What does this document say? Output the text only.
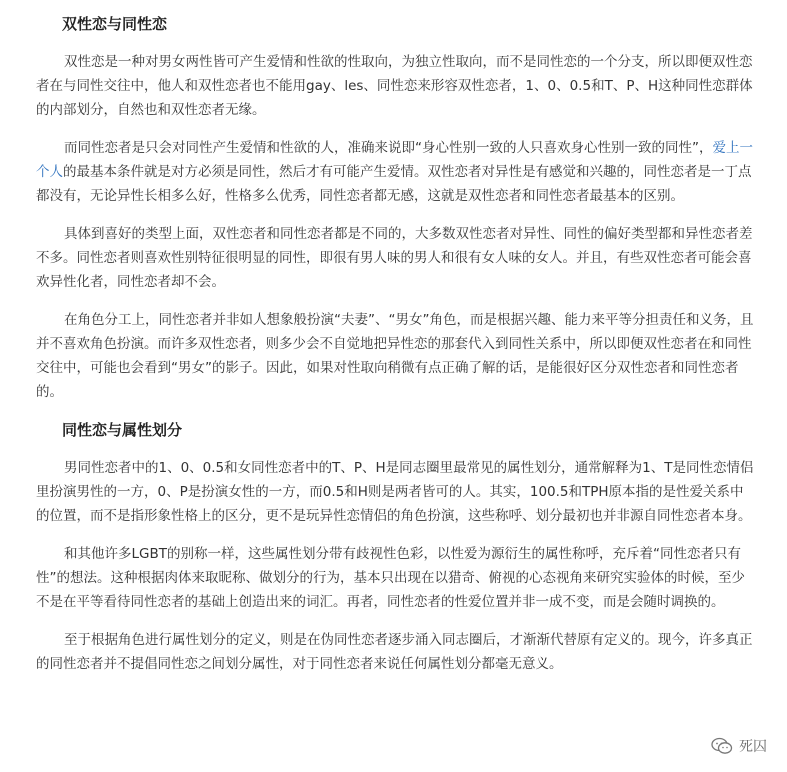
双性恋与同性恋

双性恋是一种对男女两性皆可产生爱情和性欲的性取向，为独立性取向，而不是同性恋的一个分支，所以即便双性恋者在与同性交往中，他人和双性恋者也不能用gay、les、同性恋来形容双性恋者，1、0、0.5和T、P、H这种同性恋群体的内部划分，自然也和双性恋者无缘。

而同性恋者是只会对同性产生爱情和性欲的人，准确来说即“身心性别一致的人只喜欢身心性别一致的同性”，爱上一个人的最基本条件就是对方必须是同性，然后才有可能产生爱情。双性恋者对异性是有感觉和兴趣的，同性恋者是一丁点都没有，无论异性长相多么好，性格多么优秀，同性恋者都无感，这就是双性恋者和同性恋者最基本的区别。

具体到喜好的类型上面，双性恋者和同性恋者都是不同的，大多数双性恋者对异性、同性的偏好类型都和异性恋者差不多。同性恋者则喜欢性别特征很明显的同性，即很有男人味的男人和很有女人味的女人。并且，有些双性恋者可能会喜欢异性化者，同性恋者却不会。

在角色分工上，同性恋者并非如人想象般扮演“夫妻”、“男女”角色，而是根据兴趣、能力来平等分担责任和义务，且并不喜欢角色扮演。而许多双性恋者，则多少会不自觉地把异性恋的那套代入到同性关系中，所以即便双性恋者在和同性交往中，可能也会看到“男女”的影子。因此，如果对性取向稍微有点正确了解的话，是能很好区分双性恋者和同性恋者的。

同性恋与属性划分

男同性恋者中的1、0、0.5和女同性恋者中的T、P、H是同志圈里最常见的属性划分，通常解释为1、T是同性恋情侣里扮演男性的一方，0、P是扮演女性的一方，而0.5和H则是两者皆可的人。其实，100.5和TPH原本指的是性爱关系中的位置，而不是指形象性格上的区分，更不是玩异性恋情侣的角色扮演，这些称呼、划分最初也并非源自同性恋者本身。

和其他许多LGBT的别称一样，这些属性划分带有歧视性色彩，以性爱为源衍生的属性称呼，充斥着“同性恋者只有性”的想法。这种根据肉体来取昵称、做划分的行为，基本只出现在以猎奇、俯视的心态视角来研究实验体的时候，至少不是在平等看待同性恋者的基础上创造出来的词汇。再者，同性恋者的性爱位置并非一成不变，而是会随时调换的。

至于根据角色进行属性划分的定义，则是在伪同性恋者逐步涌入同志圈后，才渐渐代替原有定义的。现今，许多真正的同性恋者并不提倡同性恋之间划分属性，对于同性恋者来说任何属性划分都毫无意义。

死囚
